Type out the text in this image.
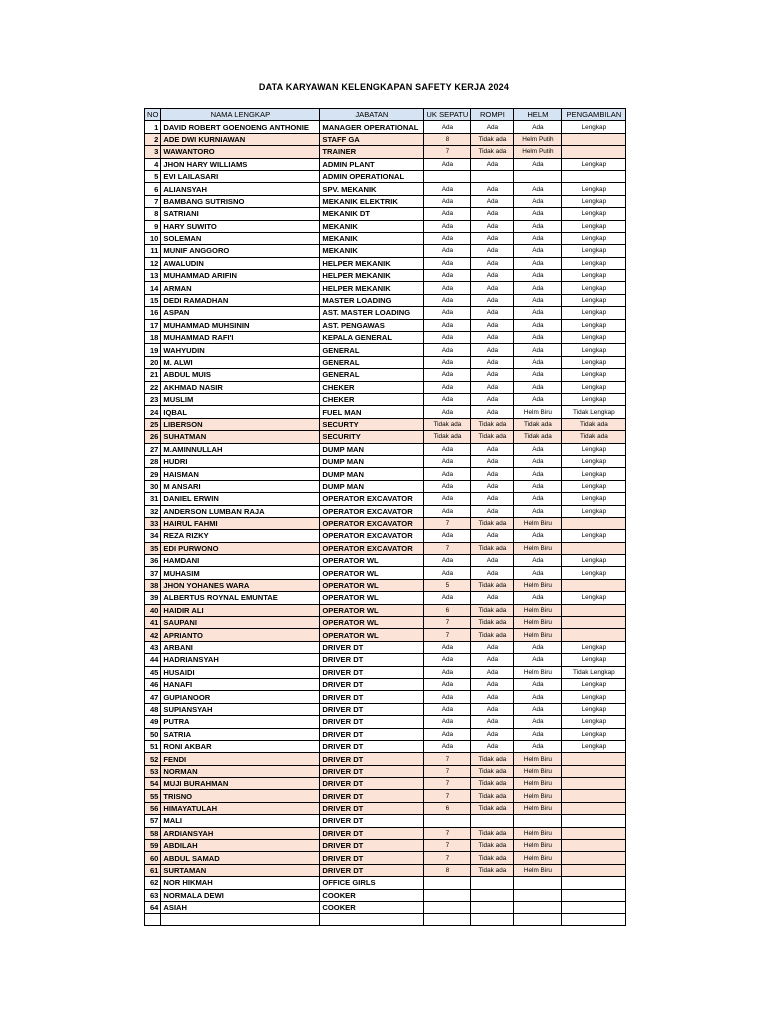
DATA KARYAWAN KELENGKAPAN SAFETY KERJA 2024
NO	NAMA LENGKAP	JABATAN	UK SEPATU	ROMPI	HELM	PENGAMBILAN
1	DAVID ROBERT GOENOENG ANTHONIE	MANAGER OPERATIONAL	Ada	Ada	Ada	Lengkap
2	ADE DWI KURNIAWAN	STAFF GA	8	Tidak ada	Helm Putih	
3	WAWANTORO	TRAINER	7	Tidak ada	Helm Putih	
4	JHON HARY WILLIAMS	ADMIN PLANT	Ada	Ada	Ada	Lengkap
5	EVI LAILASARI	ADMIN OPERATIONAL				
6	ALIANSYAH	SPV. MEKANIK	Ada	Ada	Ada	Lengkap
7	BAMBANG SUTRISNO	MEKANIK ELEKTRIK	Ada	Ada	Ada	Lengkap
8	SATRIANI	MEKANIK DT	Ada	Ada	Ada	Lengkap
9	HARY SUWITO	MEKANIK	Ada	Ada	Ada	Lengkap
10	SOLEMAN	MEKANIK	Ada	Ada	Ada	Lengkap
11	MUNIF ANGGORO	MEKANIK	Ada	Ada	Ada	Lengkap
12	AWALUDIN	HELPER MEKANIK	Ada	Ada	Ada	Lengkap
13	MUHAMMAD ARIFIN	HELPER MEKANIK	Ada	Ada	Ada	Lengkap
14	ARMAN	HELPER MEKANIK	Ada	Ada	Ada	Lengkap
15	DEDI RAMADHAN	MASTER LOADING	Ada	Ada	Ada	Lengkap
16	ASPAN	AST. MASTER LOADING	Ada	Ada	Ada	Lengkap
17	MUHAMMAD MUHSININ	AST. PENGAWAS	Ada	Ada	Ada	Lengkap
18	MUHAMMAD RAFI'I	KEPALA GENERAL	Ada	Ada	Ada	Lengkap
19	WAHYUDIN	GENERAL	Ada	Ada	Ada	Lengkap
20	M. ALWI	GENERAL	Ada	Ada	Ada	Lengkap
21	ABDUL MUIS	GENERAL	Ada	Ada	Ada	Lengkap
22	AKHMAD NASIR	CHEKER	Ada	Ada	Ada	Lengkap
23	MUSLIM	CHEKER	Ada	Ada	Ada	Lengkap
24	IQBAL	FUEL MAN	Ada	Ada	Helm Biru	Tidak Lengkap
25	LIBERSON	SECURTY	Tidak ada	Tidak ada	Tidak ada	Tidak ada
26	SUHATMAN	SECURITY	Tidak ada	Tidak ada	Tidak ada	Tidak ada
27	M.AMINNULLAH	DUMP MAN	Ada	Ada	Ada	Lengkap
28	HUDRI	DUMP MAN	Ada	Ada	Ada	Lengkap
29	HAISMAN	DUMP MAN	Ada	Ada	Ada	Lengkap
30	M ANSARI	DUMP MAN	Ada	Ada	Ada	Lengkap
31	DANIEL ERWIN	OPERATOR EXCAVATOR	Ada	Ada	Ada	Lengkap
32	ANDERSON LUMBAN RAJA	OPERATOR EXCAVATOR	Ada	Ada	Ada	Lengkap
33	HAIRUL FAHMI	OPERATOR EXCAVATOR	7	Tidak ada	Helm Biru	
34	REZA RIZKY	OPERATOR EXCAVATOR	Ada	Ada	Ada	Lengkap
35	EDI PURWONO	OPERATOR EXCAVATOR	7	Tidak ada	Helm Biru	
36	HAMDANI	OPERATOR WL	Ada	Ada	Ada	Lengkap
37	MUHASIM	OPERATOR WL	Ada	Ada	Ada	Lengkap
38	JHON YOHANES WARA	OPERATOR WL	5	Tidak ada	Helm Biru	
39	ALBERTUS ROYNAL EMUNTAE	OPERATOR WL	Ada	Ada	Ada	Lengkap
40	HAIDIR ALI	OPERATOR WL	6	Tidak ada	Helm Biru	
41	SAUPANI	OPERATOR WL	7	Tidak ada	Helm Biru	
42	APRIANTO	OPERATOR WL	7	Tidak ada	Helm Biru	
43	ARBANI	DRIVER DT	Ada	Ada	Ada	Lengkap
44	HADRIANSYAH	DRIVER DT	Ada	Ada	Ada	Lengkap
45	HUSAIDI	DRIVER DT	Ada	Ada	Helm Biru	Tidak Lengkap
46	HANAFI	DRIVER DT	Ada	Ada	Ada	Lengkap
47	GUPIANOOR	DRIVER DT	Ada	Ada	Ada	Lengkap
48	SUPIANSYAH	DRIVER DT	Ada	Ada	Ada	Lengkap
49	PUTRA	DRIVER DT	Ada	Ada	Ada	Lengkap
50	SATRIA	DRIVER DT	Ada	Ada	Ada	Lengkap
51	RONI AKBAR	DRIVER DT	Ada	Ada	Ada	Lengkap
52	FENDI	DRIVER DT	7	Tidak ada	Helm Biru	
53	NORMAN	DRIVER DT	7	Tidak ada	Helm Biru	
54	MUJI BURAHMAN	DRIVER DT	7	Tidak ada	Helm Biru	
55	TRISNO	DRIVER DT	7	Tidak ada	Helm Biru	
56	HIMAYATULAH	DRIVER DT	6	Tidak ada	Helm Biru	
57	MALI	DRIVER DT				
58	ARDIANSYAH	DRIVER DT	7	Tidak ada	Helm Biru	
59	ABDILAH	DRIVER DT	7	Tidak ada	Helm Biru	
60	ABDUL SAMAD	DRIVER DT	7	Tidak ada	Helm Biru	
61	SURTAMAN	DRIVER DT	8	Tidak ada	Helm Biru	
62	NOR HIKMAH	OFFICE GIRLS				
63	NORMALA DEWI	COOKER				
64	ASIAH	COOKER				
